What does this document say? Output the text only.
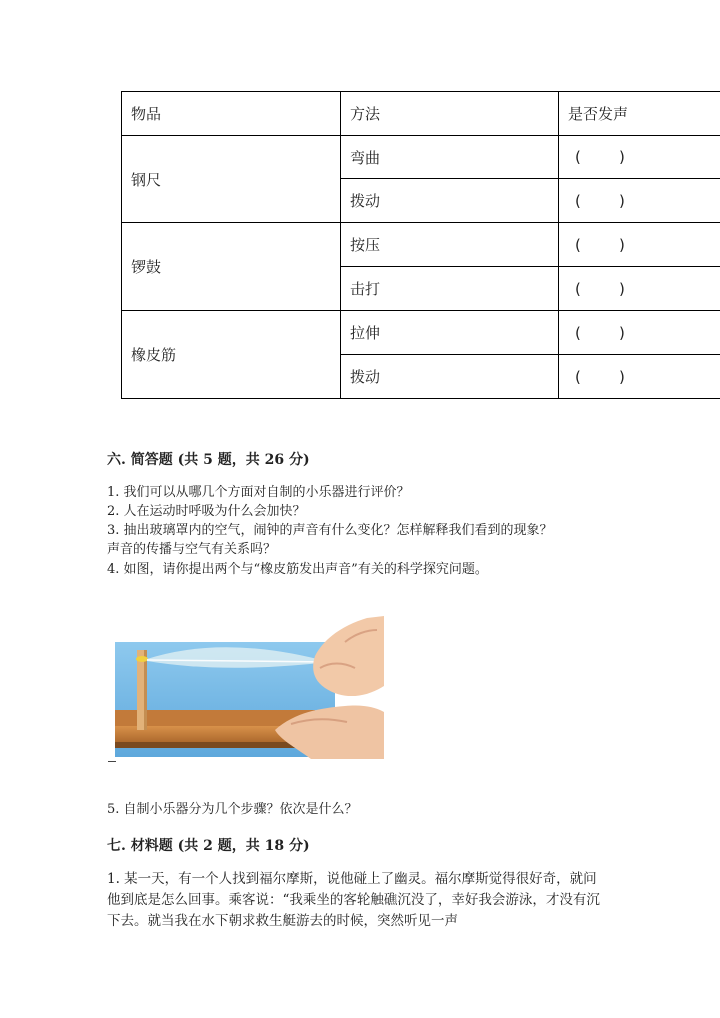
物品	方法	是否发声
钢尺	弯曲	(        )
	拨动	(        )
锣鼓	按压	(        )
	击打	(        )
橡皮筋	拉伸	(        )
	拨动	(        )
六. 简答题 (共 5 题，共 26 分)
1. 我们可以从哪几个方面对自制的小乐器进行评价？
2. 人在运动时呼吸为什么会加快？
3. 抽出玻璃罩内的空气，闹钟的声音有什么变化？怎样解释我们看到的现象？
声音的传播与空气有关系吗？
4. 如图，请你提出两个与“橡皮筋发出声音”有关的科学探究问题。
5. 自制小乐器分为几个步骤？依次是什么？
七. 材料题 (共 2 题，共 18 分)
1. 某一天，有一个人找到福尔摩斯，说他碰上了幽灵。福尔摩斯觉得很好奇，就问他到底是怎么回事。乘客说：“我乘坐的客轮触礁沉没了，幸好我会游泳，才没有沉下去。就当我在水下朝求救生艇游去的时候，突然听见一声
